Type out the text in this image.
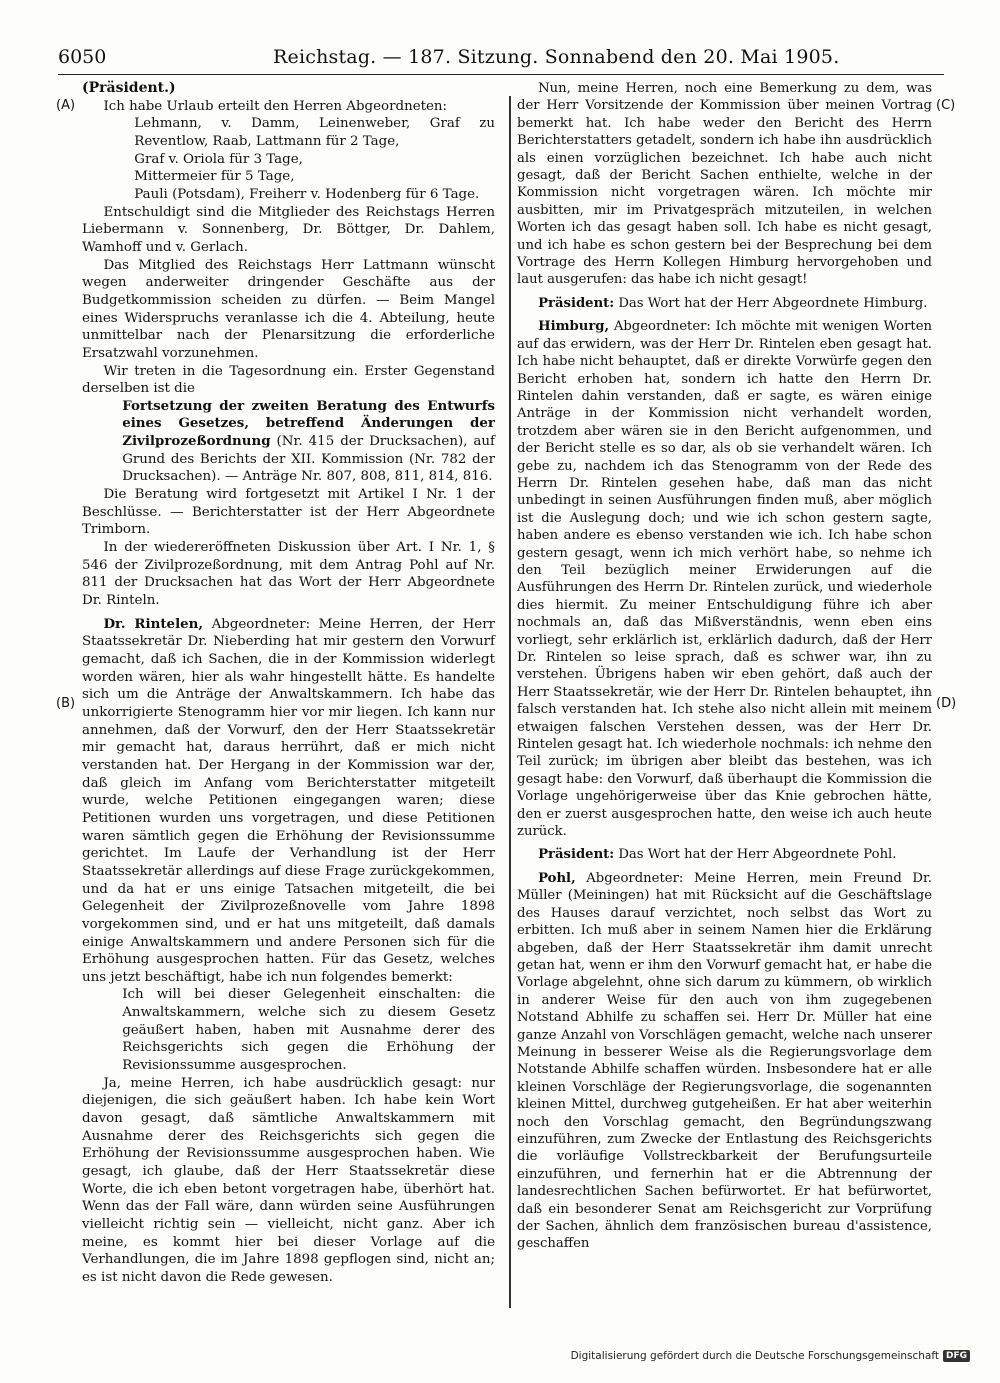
6050	Reichstag. — 187. Sitzung. Sonnabend den 20. Mai 1905.
(A)
(B)
(C)
(D)

(Präsident.)

Ich habe Urlaub erteilt den Herren Abgeordneten:

Lehmann, v. Damm, Leinenweber, Graf zu Reventlow, Raab, Lattmann für 2 Tage,

Graf v. Oriola für 3 Tage,

Mittermeier für 5 Tage,

Pauli (Potsdam), Freiherr v. Hodenberg für 6 Tage.

Entschuldigt sind die Mitglieder des Reichstags Herren Liebermann v. Sonnenberg, Dr. Böttger, Dr. Dahlem, Wamhoff und v. Gerlach.

Das Mitglied des Reichstags Herr Lattmann wünscht wegen anderweiter dringender Geschäfte aus der Budgetkommission scheiden zu dürfen. — Beim Mangel eines Widerspruchs veranlasse ich die 4. Abteilung, heute unmittelbar nach der Plenarsitzung die erforderliche Ersatzwahl vorzunehmen.

Wir treten in die Tagesordnung ein. Erster Gegenstand derselben ist die

Fortsetzung der zweiten Beratung des Entwurfs eines Gesetzes, betreffend Änderungen der Zivilprozeßordnung (Nr. 415 der Drucksachen), auf Grund des Berichts der XII. Kommission (Nr. 782 der Drucksachen). — Anträge Nr. 807, 808, 811, 814, 816.

Die Beratung wird fortgesetzt mit Artikel I Nr. 1 der Beschlüsse. — Berichterstatter ist der Herr Abgeordnete Trimborn.

In der wiedereröffneten Diskussion über Art. I Nr. 1, § 546 der Zivilprozeßordnung, mit dem Antrag Pohl auf Nr. 811 der Drucksachen hat das Wort der Herr Abgeordnete Dr. Rinteln.

Dr. Rintelen, Abgeordneter: Meine Herren, der Herr Staatssekretär Dr. Nieberding hat mir gestern den Vorwurf gemacht, daß ich Sachen, die in der Kommission widerlegt worden wären, hier als wahr hingestellt hätte. Es handelte sich um die Anträge der Anwaltskammern. Ich habe das unkorrigierte Stenogramm hier vor mir liegen. Ich kann nur annehmen, daß der Vorwurf, den der Herr Staatssekretär mir gemacht hat, daraus herrührt, daß er mich nicht verstanden hat. Der Hergang in der Kommission war der, daß gleich im Anfang vom Berichterstatter mitgeteilt wurde, welche Petitionen eingegangen waren; diese Petitionen wurden uns vorgetragen, und diese Petitionen waren sämtlich gegen die Erhöhung der Revisionssumme gerichtet. Im Laufe der Verhandlung ist der Herr Staatssekretär allerdings auf diese Frage zurückgekommen, und da hat er uns einige Tatsachen mitgeteilt, die bei Gelegenheit der Zivilprozeßnovelle vom Jahre 1898 vorgekommen sind, und er hat uns mitgeteilt, daß damals einige Anwaltskammern und andere Personen sich für die Erhöhung ausgesprochen hatten. Für das Gesetz, welches uns jetzt beschäftigt, habe ich nun folgendes bemerkt:

Ich will bei dieser Gelegenheit einschalten: die Anwaltskammern, welche sich zu diesem Gesetz geäußert haben, haben mit Ausnahme derer des Reichsgerichts sich gegen die Erhöhung der Revisionssumme ausgesprochen.

Ja, meine Herren, ich habe ausdrücklich gesagt: nur diejenigen, die sich geäußert haben. Ich habe kein Wort davon gesagt, daß sämtliche Anwaltskammern mit Ausnahme derer des Reichsgerichts sich gegen die Erhöhung der Revisionssumme ausgesprochen haben. Wie gesagt, ich glaube, daß der Herr Staatssekretär diese Worte, die ich eben betont vorgetragen habe, überhört hat. Wenn das der Fall wäre, dann würden seine Ausführungen vielleicht richtig sein — vielleicht, nicht ganz. Aber ich meine, es kommt hier bei dieser Vorlage auf die Verhandlungen, die im Jahre 1898 gepflogen sind, nicht an; es ist nicht davon die Rede gewesen.

Nun, meine Herren, noch eine Bemerkung zu dem, was der Herr Vorsitzende der Kommission über meinen Vortrag bemerkt hat. Ich habe weder den Bericht des Herrn Berichterstatters getadelt, sondern ich habe ihn ausdrücklich als einen vorzüglichen bezeichnet. Ich habe auch nicht gesagt, daß der Bericht Sachen enthielte, welche in der Kommission nicht vorgetragen wären. Ich möchte mir ausbitten, mir im Privatgespräch mitzuteilen, in welchen Worten ich das gesagt haben soll. Ich habe es nicht gesagt, und ich habe es schon gestern bei der Besprechung bei dem Vortrage des Herrn Kollegen Himburg hervorgehoben und laut ausgerufen: das habe ich nicht gesagt!

Präsident: Das Wort hat der Herr Abgeordnete Himburg.

Himburg, Abgeordneter: Ich möchte mit wenigen Worten auf das erwidern, was der Herr Dr. Rintelen eben gesagt hat. Ich habe nicht behauptet, daß er direkte Vorwürfe gegen den Bericht erhoben hat, sondern ich hatte den Herrn Dr. Rintelen dahin verstanden, daß er sagte, es wären einige Anträge in der Kommission nicht verhandelt worden, trotzdem aber wären sie in den Bericht aufgenommen, und der Bericht stelle es so dar, als ob sie verhandelt wären. Ich gebe zu, nachdem ich das Stenogramm von der Rede des Herrn Dr. Rintelen gesehen habe, daß man das nicht unbedingt in seinen Ausführungen finden muß, aber möglich ist die Auslegung doch; und wie ich schon gestern sagte, haben andere es ebenso verstanden wie ich. Ich habe schon gestern gesagt, wenn ich mich verhört habe, so nehme ich den Teil bezüglich meiner Erwiderungen auf die Ausführungen des Herrn Dr. Rintelen zurück, und wiederhole dies hiermit. Zu meiner Entschuldigung führe ich aber nochmals an, daß das Mißverständnis, wenn eben eins vorliegt, sehr erklärlich ist, erklärlich dadurch, daß der Herr Dr. Rintelen so leise sprach, daß es schwer war, ihn zu verstehen. Übrigens haben wir eben gehört, daß auch der Herr Staatssekretär, wie der Herr Dr. Rintelen behauptet, ihn falsch verstanden hat. Ich stehe also nicht allein mit meinem etwaigen falschen Verstehen dessen, was der Herr Dr. Rintelen gesagt hat. Ich wiederhole nochmals: ich nehme den Teil zurück; im übrigen aber bleibt das bestehen, was ich gesagt habe: den Vorwurf, daß überhaupt die Kommission die Vorlage ungehörigerweise über das Knie gebrochen hätte, den er zuerst ausgesprochen hatte, den weise ich auch heute zurück.

Präsident: Das Wort hat der Herr Abgeordnete Pohl.

Pohl, Abgeordneter: Meine Herren, mein Freund Dr. Müller (Meiningen) hat mit Rücksicht auf die Geschäftslage des Hauses darauf verzichtet, noch selbst das Wort zu erbitten. Ich muß aber in seinem Namen hier die Erklärung abgeben, daß der Herr Staatssekretär ihm damit unrecht getan hat, wenn er ihm den Vorwurf gemacht hat, er habe die Vorlage abgelehnt, ohne sich darum zu kümmern, ob wirklich in anderer Weise für den auch von ihm zugegebenen Notstand Abhilfe zu schaffen sei. Herr Dr. Müller hat eine ganze Anzahl von Vorschlägen gemacht, welche nach unserer Meinung in besserer Weise als die Regierungsvorlage dem Notstande Abhilfe schaffen würden. Insbesondere hat er alle kleinen Vorschläge der Regierungsvorlage, die sogenannten kleinen Mittel, durchweg gutgeheißen. Er hat aber weiterhin noch den Vorschlag gemacht, den Begründungszwang einzuführen, zum Zwecke der Entlastung des Reichsgerichts die vorläufige Vollstreckbarkeit der Berufungsurteile einzuführen, und fernerhin hat er die Abtrennung der landesrechtlichen Sachen befürwortet. Er hat befürwortet, daß ein besonderer Senat am Reichsgericht zur Vorprüfung der Sachen, ähnlich dem französischen bureau d'assistence, geschaffen

Digitalisierung gefördert durch die Deutsche Forschungsgemeinschaft DFG
